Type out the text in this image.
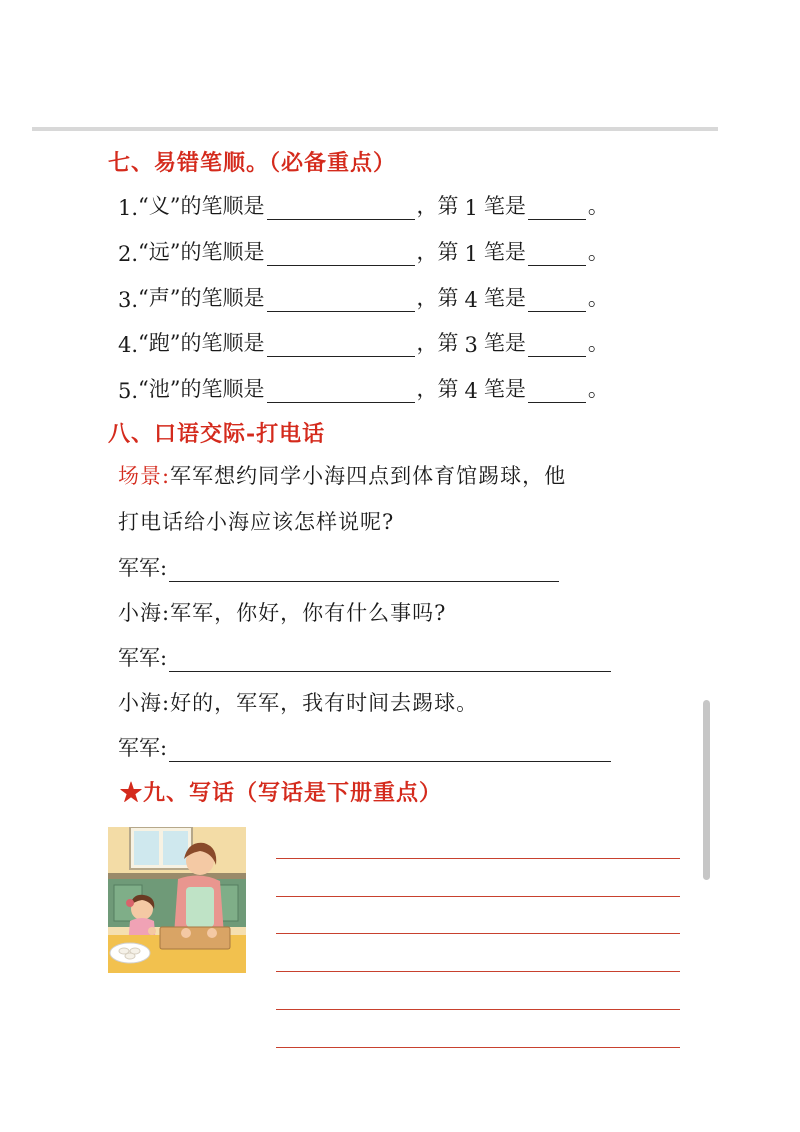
七、易错笔顺。（必备重点）
1. “义” 的笔顺是	，第 1 笔是	。
2. “远” 的笔顺是	，第 1 笔是	。
3. “声” 的笔顺是	，第 4 笔是	。
4. “跑” 的笔顺是	，第 3 笔是	。
5. “池” 的笔顺是	，第 4 笔是	。
八、口语交际-打电话
场景:军军想约同学小海四点到体育馆踢球，他
打电话给小海应该怎样说呢?
军军:
小海:军军，你好，你有什么事吗?
军军:
小海:好的，军军，我有时间去踢球。
军军:
★九、写话（写话是下册重点）
